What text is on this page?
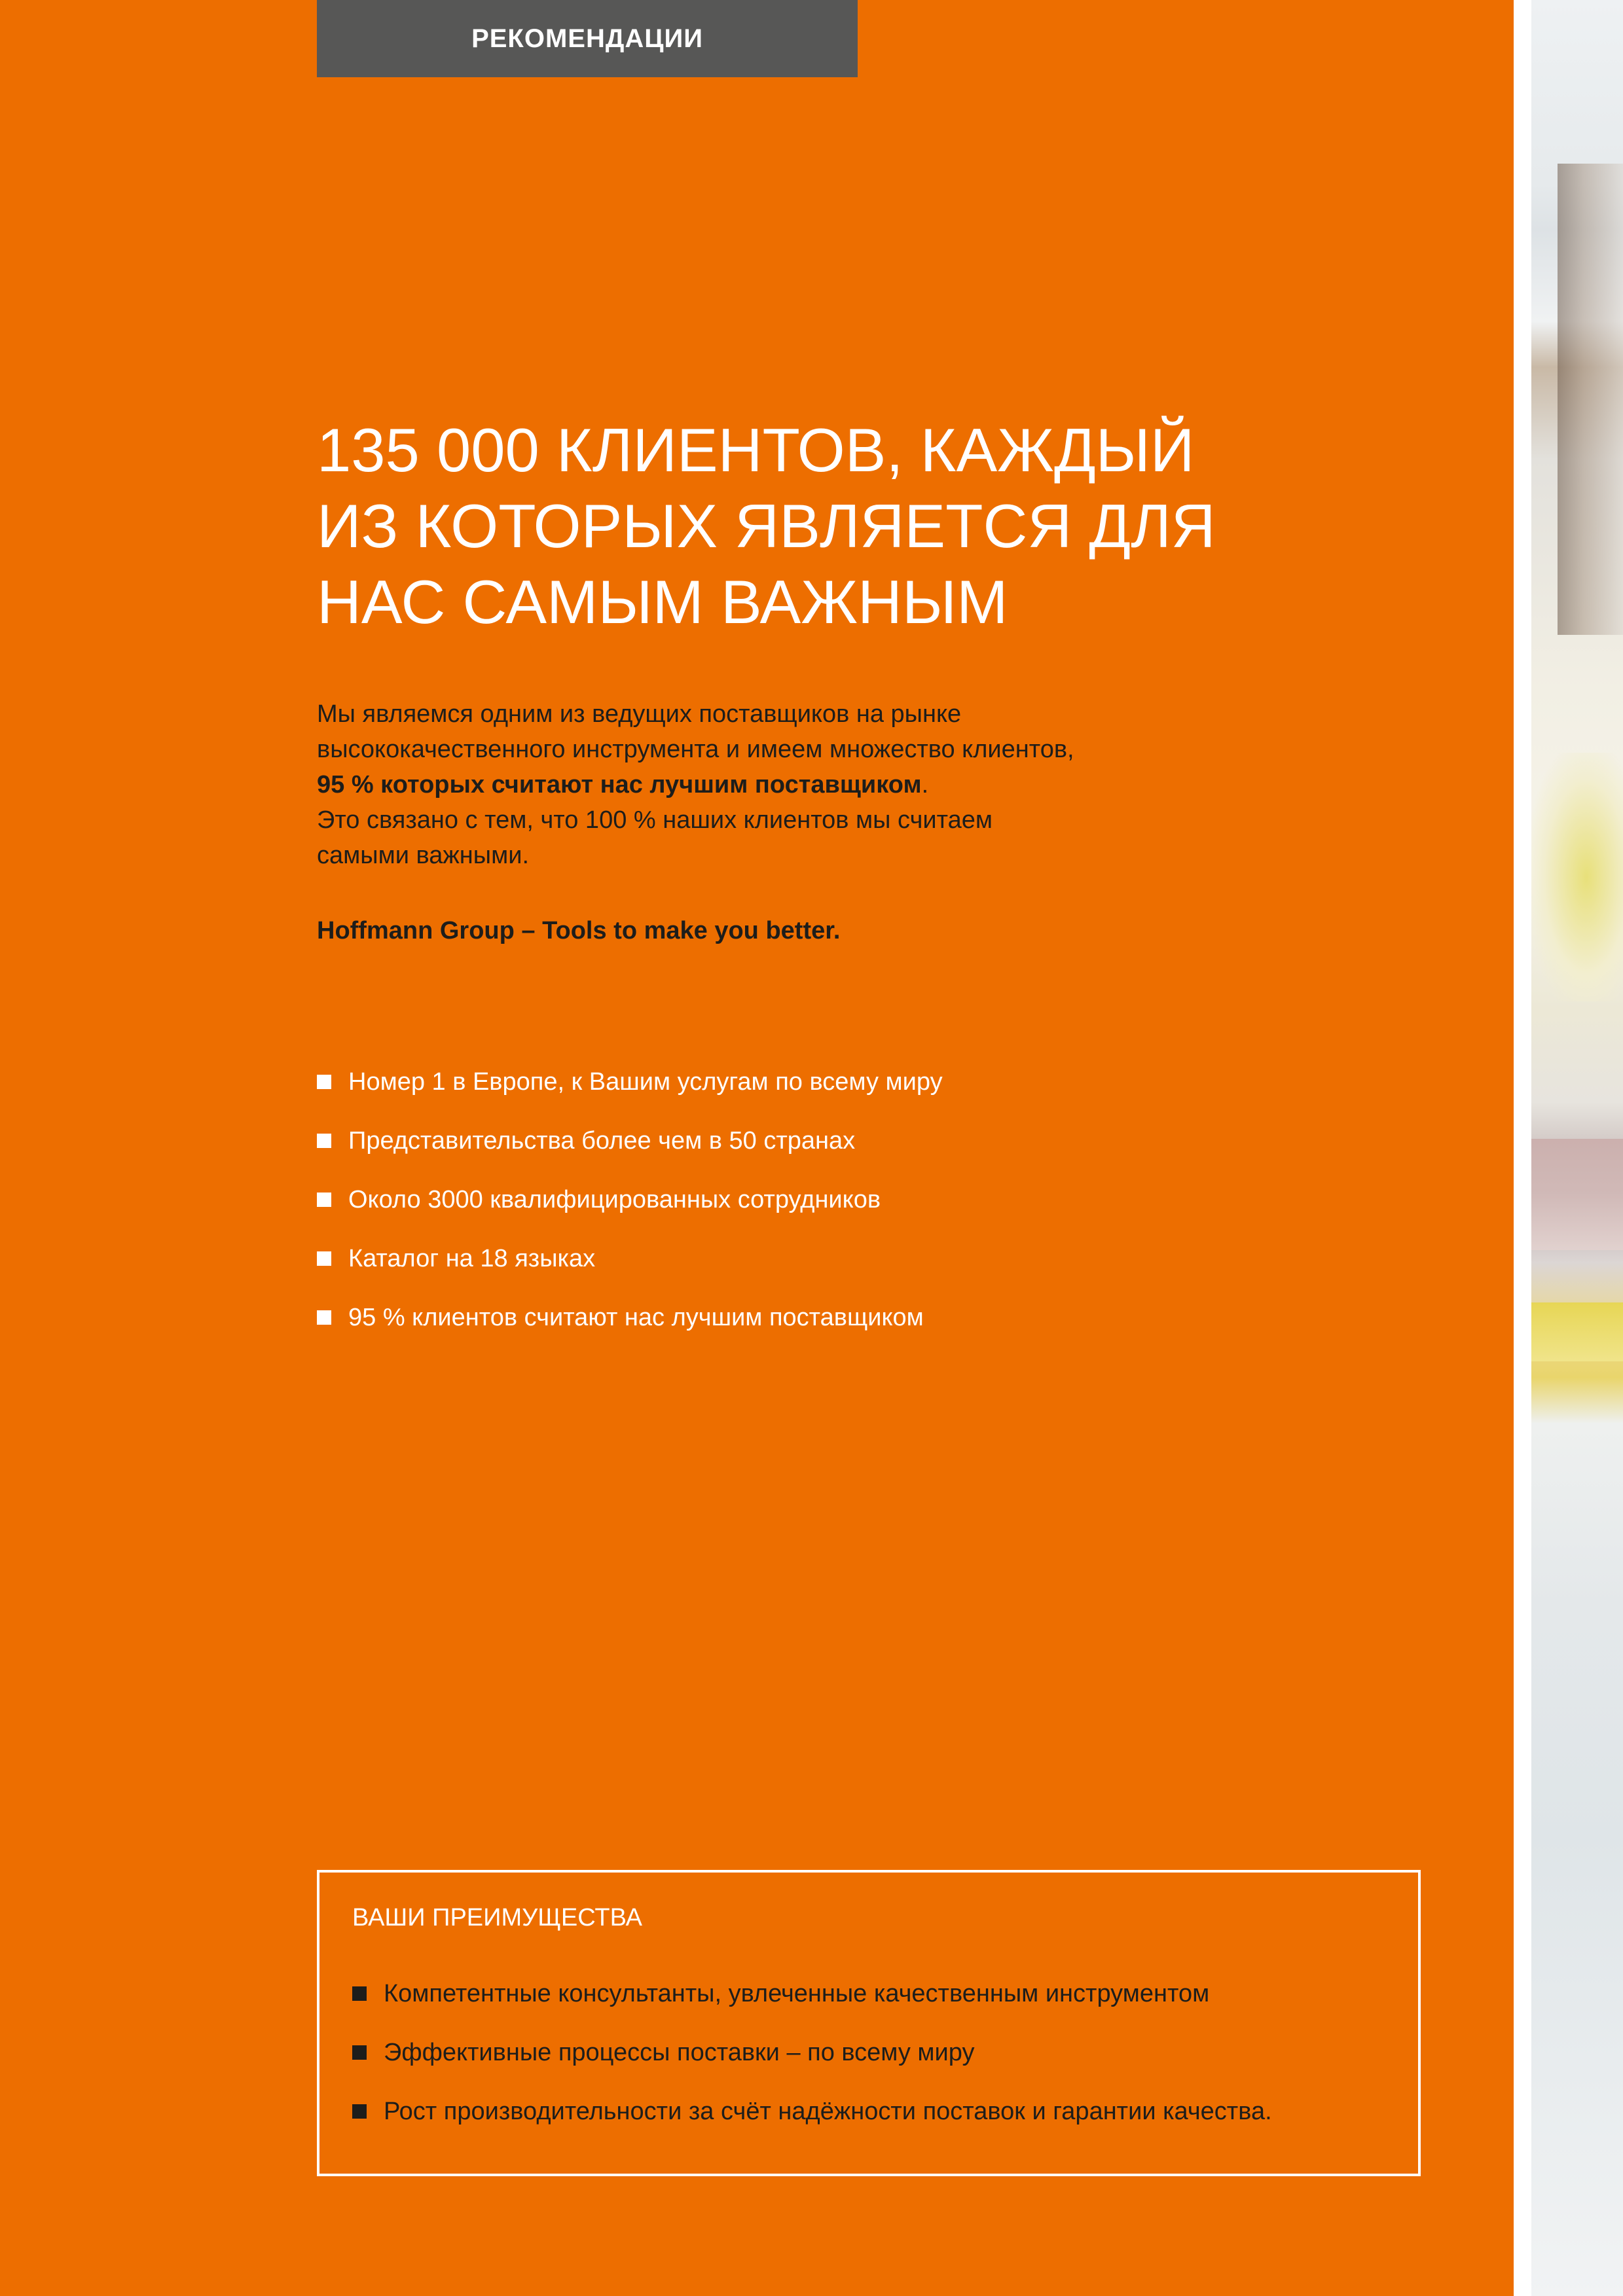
РЕКОМЕНДАЦИИ
135 000 КЛИЕНТОВ, КАЖДЫЙ
ИЗ КОТОРЫХ ЯВЛЯЕТСЯ ДЛЯ
НАС САМЫМ ВАЖНЫМ
Мы являемся одним из ведущих поставщиков на рынке
высококачественного инструмента и имеем множество клиентов,
95 % которых считают нас лучшим поставщиком.
Это связано с тем, что 100 % наших клиентов мы считаем
самыми важными.
Hoffmann Group – Tools to make you better.
Номер 1 в Европе, к Вашим услугам по всему миру
Представительства более чем в 50 странах
Около 3000 квалифицированных сотрудников
Каталог на 18 языках
95 % клиентов считают нас лучшим поставщиком
ВАШИ ПРЕИМУЩЕСТВА
Компетентные консультанты, увлеченные качественным инструментом
Эффективные процессы поставки – по всему миру
Рост производительности за счёт надёжности поставок и гарантии качества.
